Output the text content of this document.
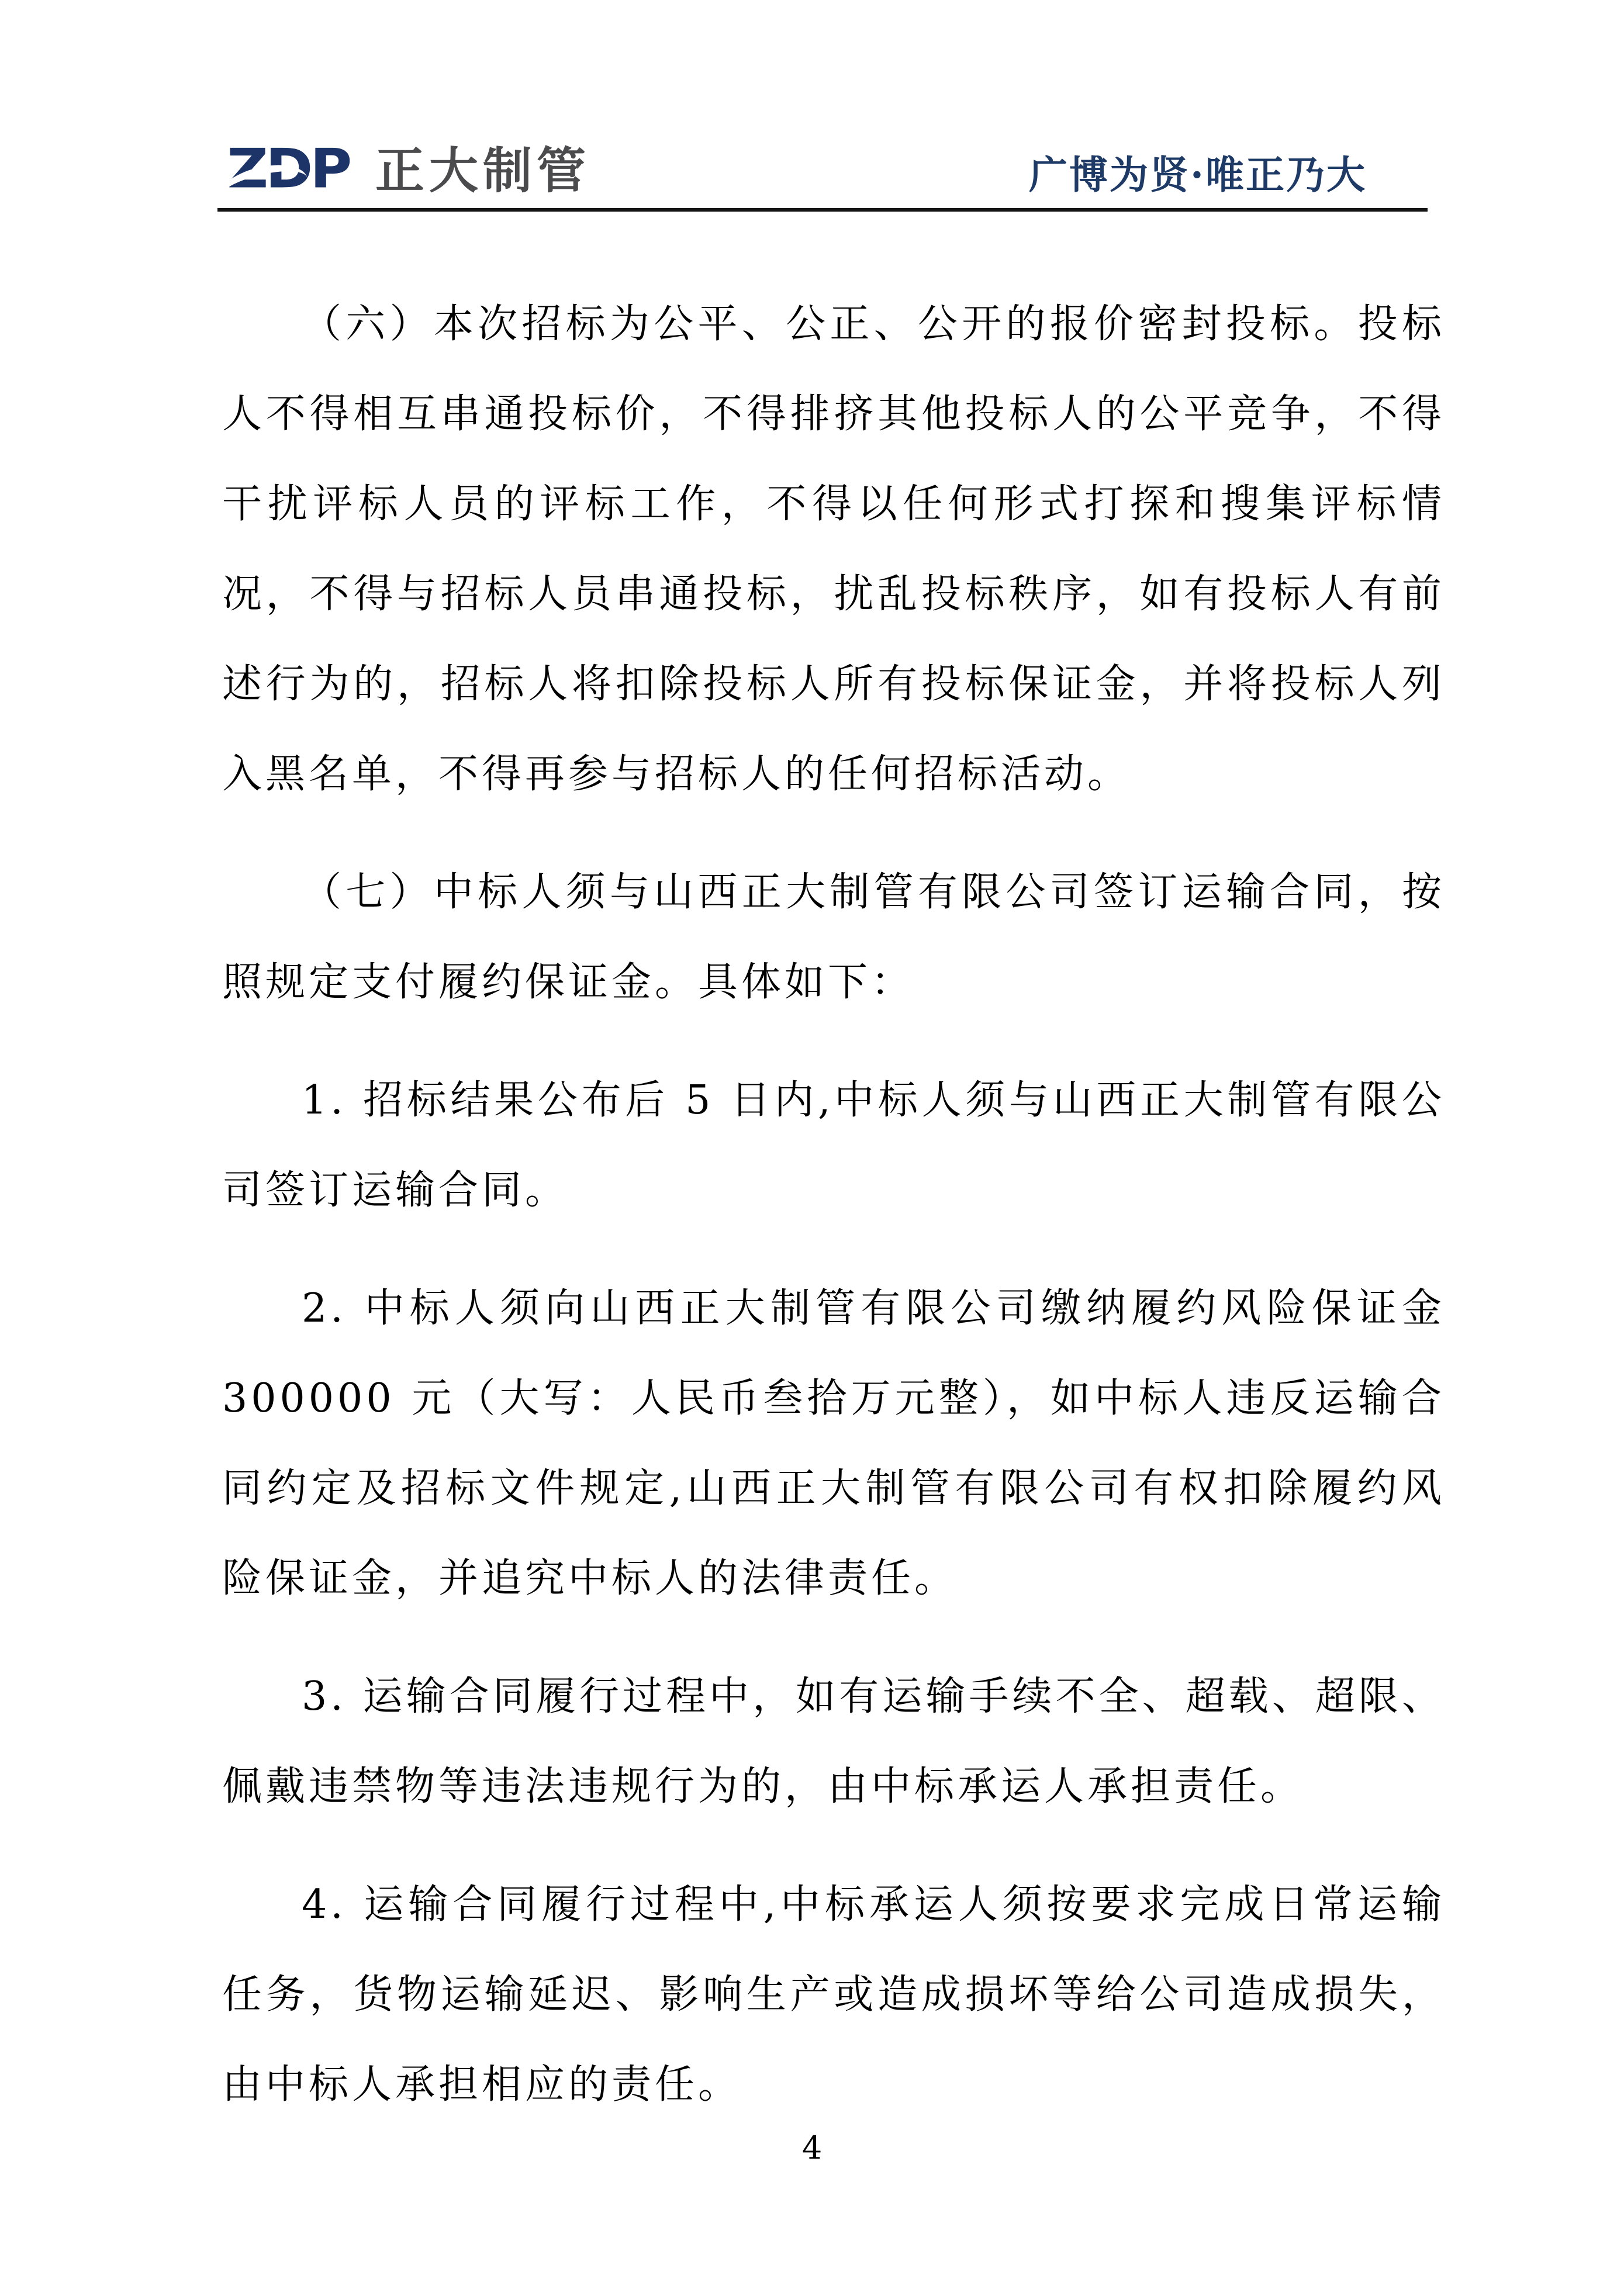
ZDP 正大制管	广博为贤·唯正乃大

（六）本次招标为公平、公正、公开的报价密封投标。投标人不得相互串通投标价，不得排挤其他投标人的公平竞争，不得干扰评标人员的评标工作，不得以任何形式打探和搜集评标情况，不得与招标人员串通投标，扰乱投标秩序，如有投标人有前述行为的，招标人将扣除投标人所有投标保证金，并将投标人列入黑名单，不得再参与招标人的任何招标活动。

（七）中标人须与山西正大制管有限公司签订运输合同，按照规定支付履约保证金。具体如下：

1. 招标结果公布后 5 日内,中标人须与山西正大制管有限公司签订运输合同。

2. 中标人须向山西正大制管有限公司缴纳履约风险保证金 300000 元（大写：人民币叁拾万元整），如中标人违反运输合同约定及招标文件规定,山西正大制管有限公司有权扣除履约风险保证金，并追究中标人的法律责任。

3. 运输合同履行过程中，如有运输手续不全、超载、超限、佩戴违禁物等违法违规行为的，由中标承运人承担责任。

4. 运输合同履行过程中,中标承运人须按要求完成日常运输任务，货物运输延迟、影响生产或造成损坏等给公司造成损失，由中标人承担相应的责任。

4
